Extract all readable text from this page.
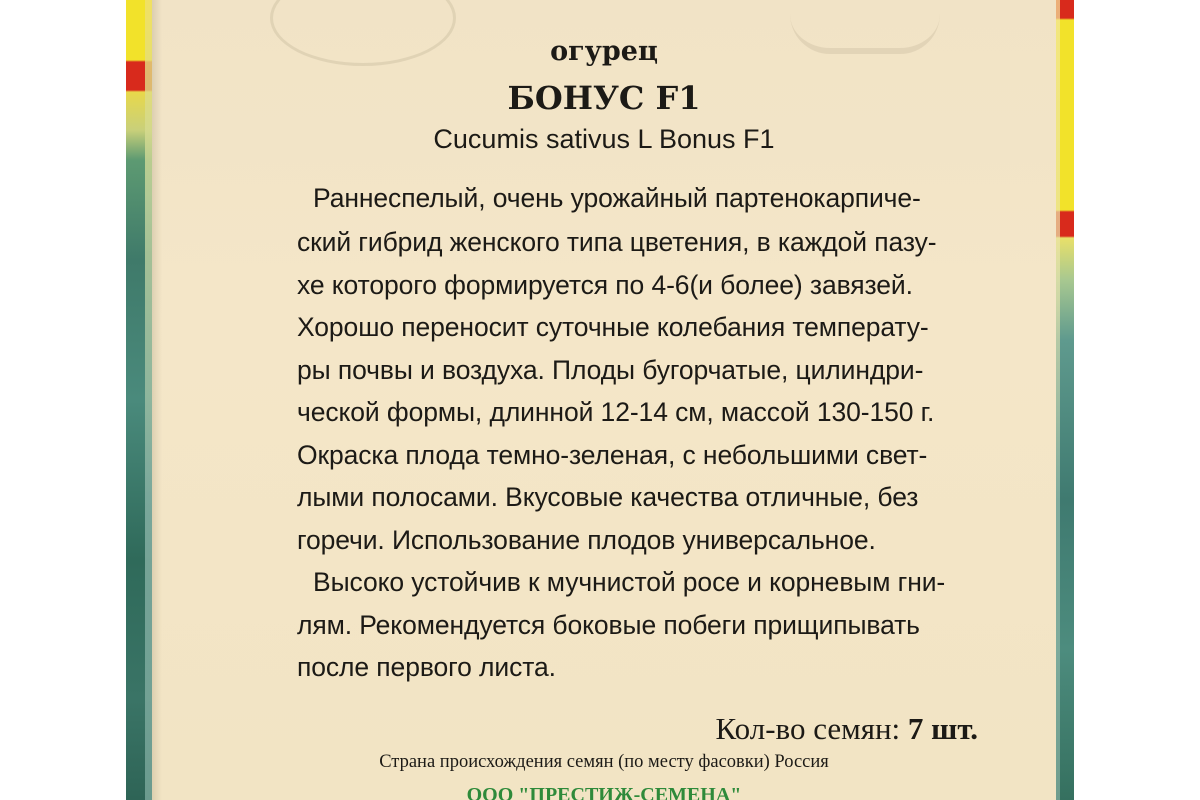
огурец
БОНУС F1
Cucumis sativus L Bonus F1
Раннеспелый, очень урожайный партенокарпиче-
ский гибрид женского типа цветения, в каждой пазу-
хе которого формируется по 4-6(и более) завязей.
Хорошо переносит суточные колебания температу-
ры почвы и воздуха. Плоды бугорчатые, цилиндри-
ческой формы, длинной 12-14 см, массой 130-150 г.
Окраска плода темно-зеленая, с небольшими свет-
лыми полосами. Вкусовые качества отличные, без
горечи. Использование плодов универсальное.
Высоко устойчив к мучнистой росе и корневым гни-
лям. Рекомендуется боковые побеги прищипывать
после первого листа.
Кол-во семян: 7 шт.
Страна происхождения семян (по месту фасовки) Россия
ООО "ПРЕСТИЖ-СЕМЕНА"
